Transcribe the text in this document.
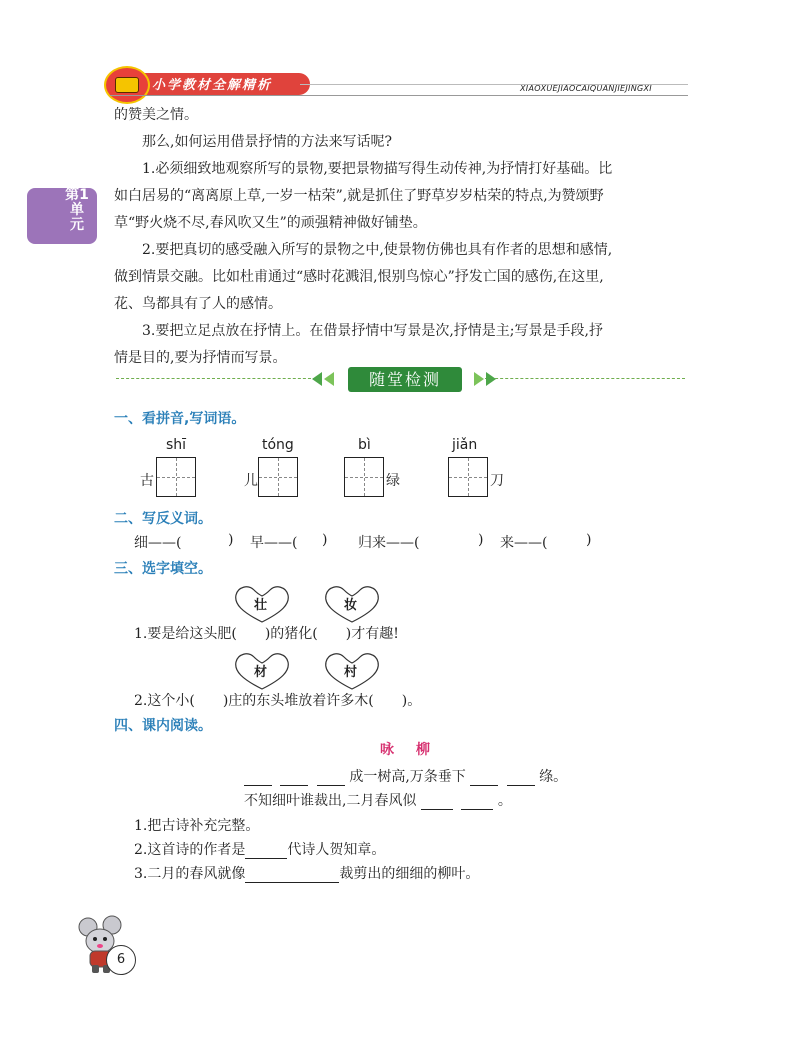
小学教材全解精析	XIAOXUEJIAOCAIQUANJIEJINGXI
第1单元
的赞美之情。
那么,如何运用借景抒情的方法来写话呢?
1.必须细致地观察所写的景物,要把景物描写得生动传神,为抒情打好基础。比
如白居易的“离离原上草,一岁一枯荣”,就是抓住了野草岁岁枯荣的特点,为赞颂野
草“野火烧不尽,春风吹又生”的顽强精神做好铺垫。
2.要把真切的感受融入所写的景物之中,使景物仿佛也具有作者的思想和感情,
做到情景交融。比如杜甫通过“感时花溅泪,恨别鸟惊心”抒发亡国的感伤,在这里,
花、鸟都具有了人的感情。
3.要把立足点放在抒情上。在借景抒情中写景是次,抒情是主;写景是手段,抒
情是目的,要为抒情而写景。
随堂检测
一、看拼音,写词语。
shī
古
tóng
儿
bì
绿
jiǎn
刀
二、写反义词。
细——(	) 早——( ) 归来——(	) 来——(	)
三、选字填空。
壮	妆
1.要是给这头肥(　　)的猪化(　　)才有趣!
材	村
2.这个小(　　)庄的东头堆放着许多木(　　)。
四、课内阅读。
咏柳
成一树高,万条垂下	绦。
不知细叶谁裁出,二月春风似	。
1.把古诗补充完整。
2.这首诗的作者是	代诗人贺知章。
3.二月的春风就像	裁剪出的细细的柳叶。
6
